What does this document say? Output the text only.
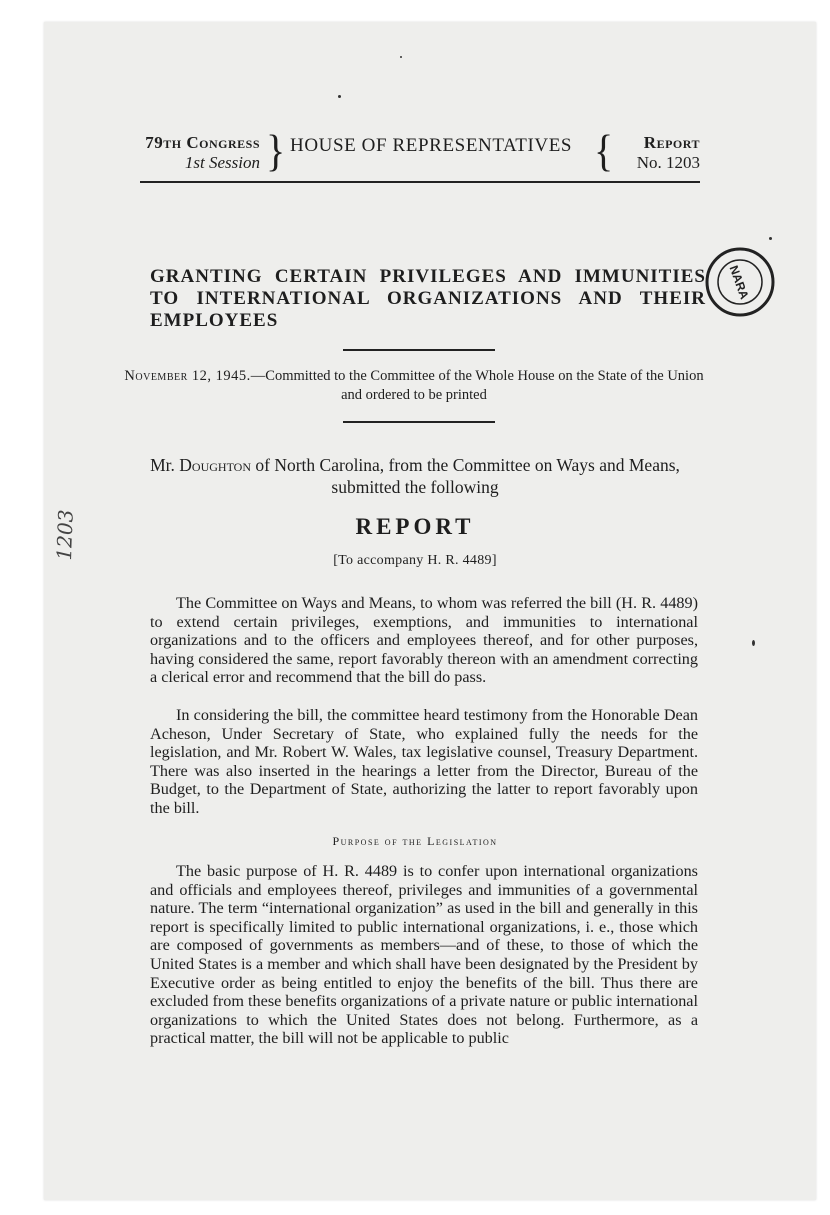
79th Congress
1st Session } HOUSE OF REPRESENTATIVES {	Report
No. 1203
GRANTING CERTAIN PRIVILEGES AND IMMUNITIES TO INTERNATIONAL ORGANIZATIONS AND THEIR EMPLOYEES
November 12, 1945.—Committed to the Committee of the Whole House on the State of the Union and ordered to be printed
Mr. Doughton of North Carolina, from the Committee on Ways and Means, submitted the following
REPORT
[To accompany H. R. 4489]

The Committee on Ways and Means, to whom was referred the bill (H. R. 4489) to extend certain privileges, exemptions, and immunities to international organizations and to the officers and employees thereof, and for other purposes, having considered the same, report favorably thereon with an amendment correcting a clerical error and recommend that the bill do pass.

In considering the bill, the committee heard testimony from the Honorable Dean Acheson, Under Secretary of State, who explained fully the needs for the legislation, and Mr. Robert W. Wales, tax legislative counsel, Treasury Department. There was also inserted in the hearings a letter from the Director, Bureau of the Budget, to the Department of State, authorizing the latter to report favorably upon the bill.

Purpose of the Legislation

The basic purpose of H. R. 4489 is to confer upon international organizations and officials and employees thereof, privileges and immunities of a governmental nature. The term “international organization” as used in the bill and generally in this report is specifically limited to public international organizations, i. e., those which are composed of governments as members—and of these, to those of which the United States is a member and which shall have been designated by the President by Executive order as being entitled to enjoy the benefits of the bill. Thus there are excluded from these benefits organizations of a private nature or public international organizations to which the United States does not belong. Furthermore, as a practical matter, the bill will not be applicable to public

1203
NARA
